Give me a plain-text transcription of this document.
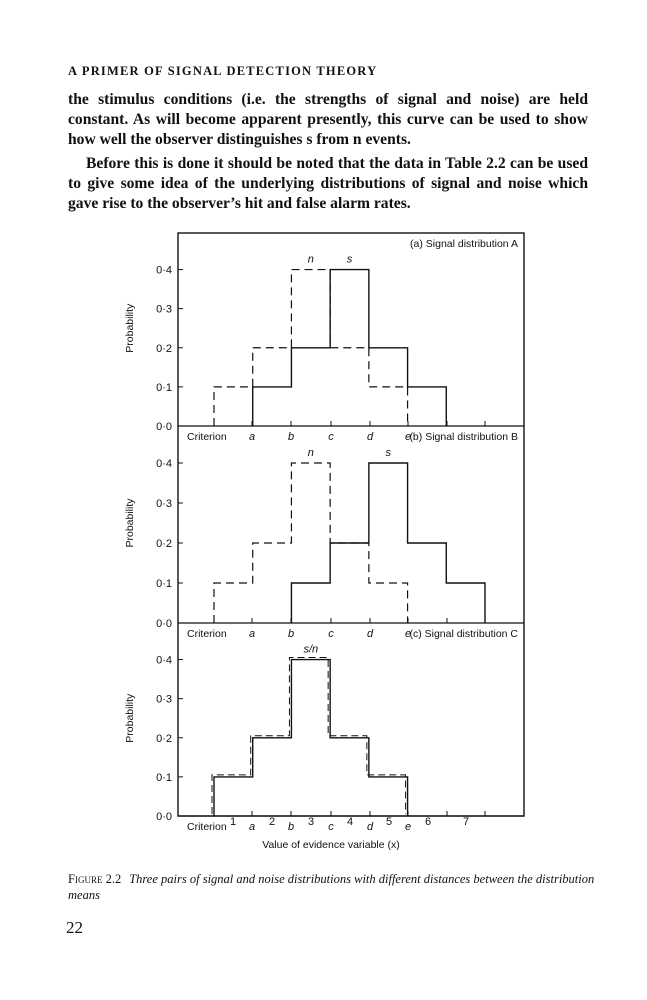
A PRIMER OF SIGNAL DETECTION THEORY

the stimulus conditions (i.e. the strengths of signal and noise) are held constant. As will become apparent presently, this curve can be used to show how well the observer distinguishes s from n events.

Before this is done it should be noted that the data in Table 2.2 can be used to give some idea of the underlying distributions of signal and noise which gave rise to the observer’s hit and false alarm rates.

(a) Signal distribution A
Probability
0·0
0·1
0·2
0·3
0·4
Criterion a	b	c	d	e
n	s
(b) Signal distribution B
Probability
0·0
0·1
0·2
0·3
0·4
Criterion a	b	c	d	e
n	s
(c) Signal distribution C
Probability
0·0
0·1
0·2
0·3
0·4
Criterion a	b	c	d	e
1	2	3	4	5	6	7
Value of evidence variable (x)
s/n
Figure 2.2 Three pairs of signal and noise distributions with different distances between the distribution means
22
